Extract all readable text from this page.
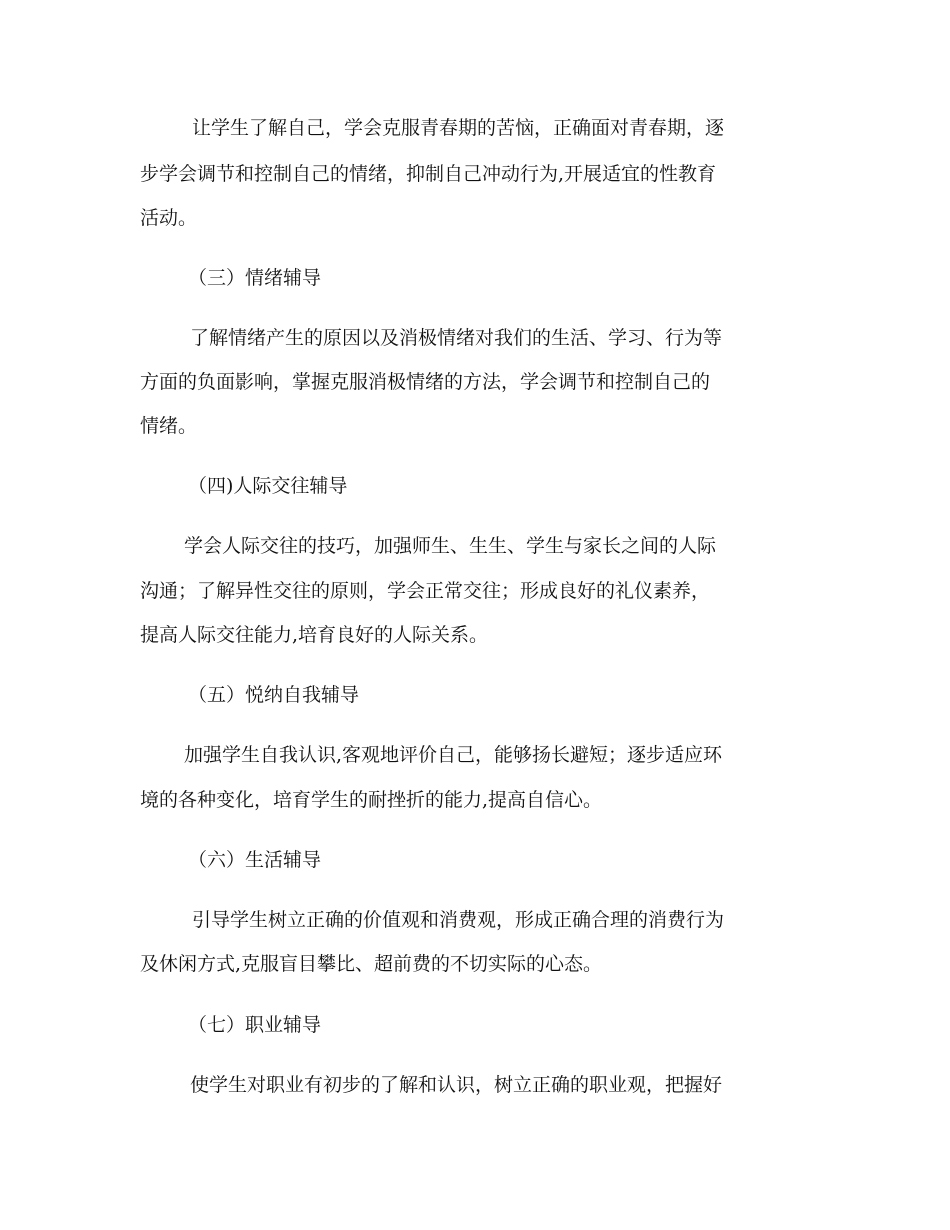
让学生了解自己，学会克服青春期的苦恼，正确面对青春期，逐

步学会调节和控制自己的情绪，抑制自己冲动行为,开展适宜的性教育

活动。

（三）情绪辅导

了解情绪产生的原因以及消极情绪对我们的生活、学习、行为等

方面的负面影响，掌握克服消极情绪的方法，学会调节和控制自己的

情绪。

（四)人际交往辅导

学会人际交往的技巧，加强师生、生生、学生与家长之间的人际

沟通；了解异性交往的原则，学会正常交往；形成良好的礼仪素养，

提高人际交往能力,培育良好的人际关系。

（五）悦纳自我辅导

加强学生自我认识,客观地评价自己，能够扬长避短；逐步适应环

境的各种变化，培育学生的耐挫折的能力,提高自信心。

（六）生活辅导

引导学生树立正确的价值观和消费观，形成正确合理的消费行为

及休闲方式,克服盲目攀比、超前费的不切实际的心态。

（七）职业辅导

使学生对职业有初步的了解和认识，树立正确的职业观，把握好
